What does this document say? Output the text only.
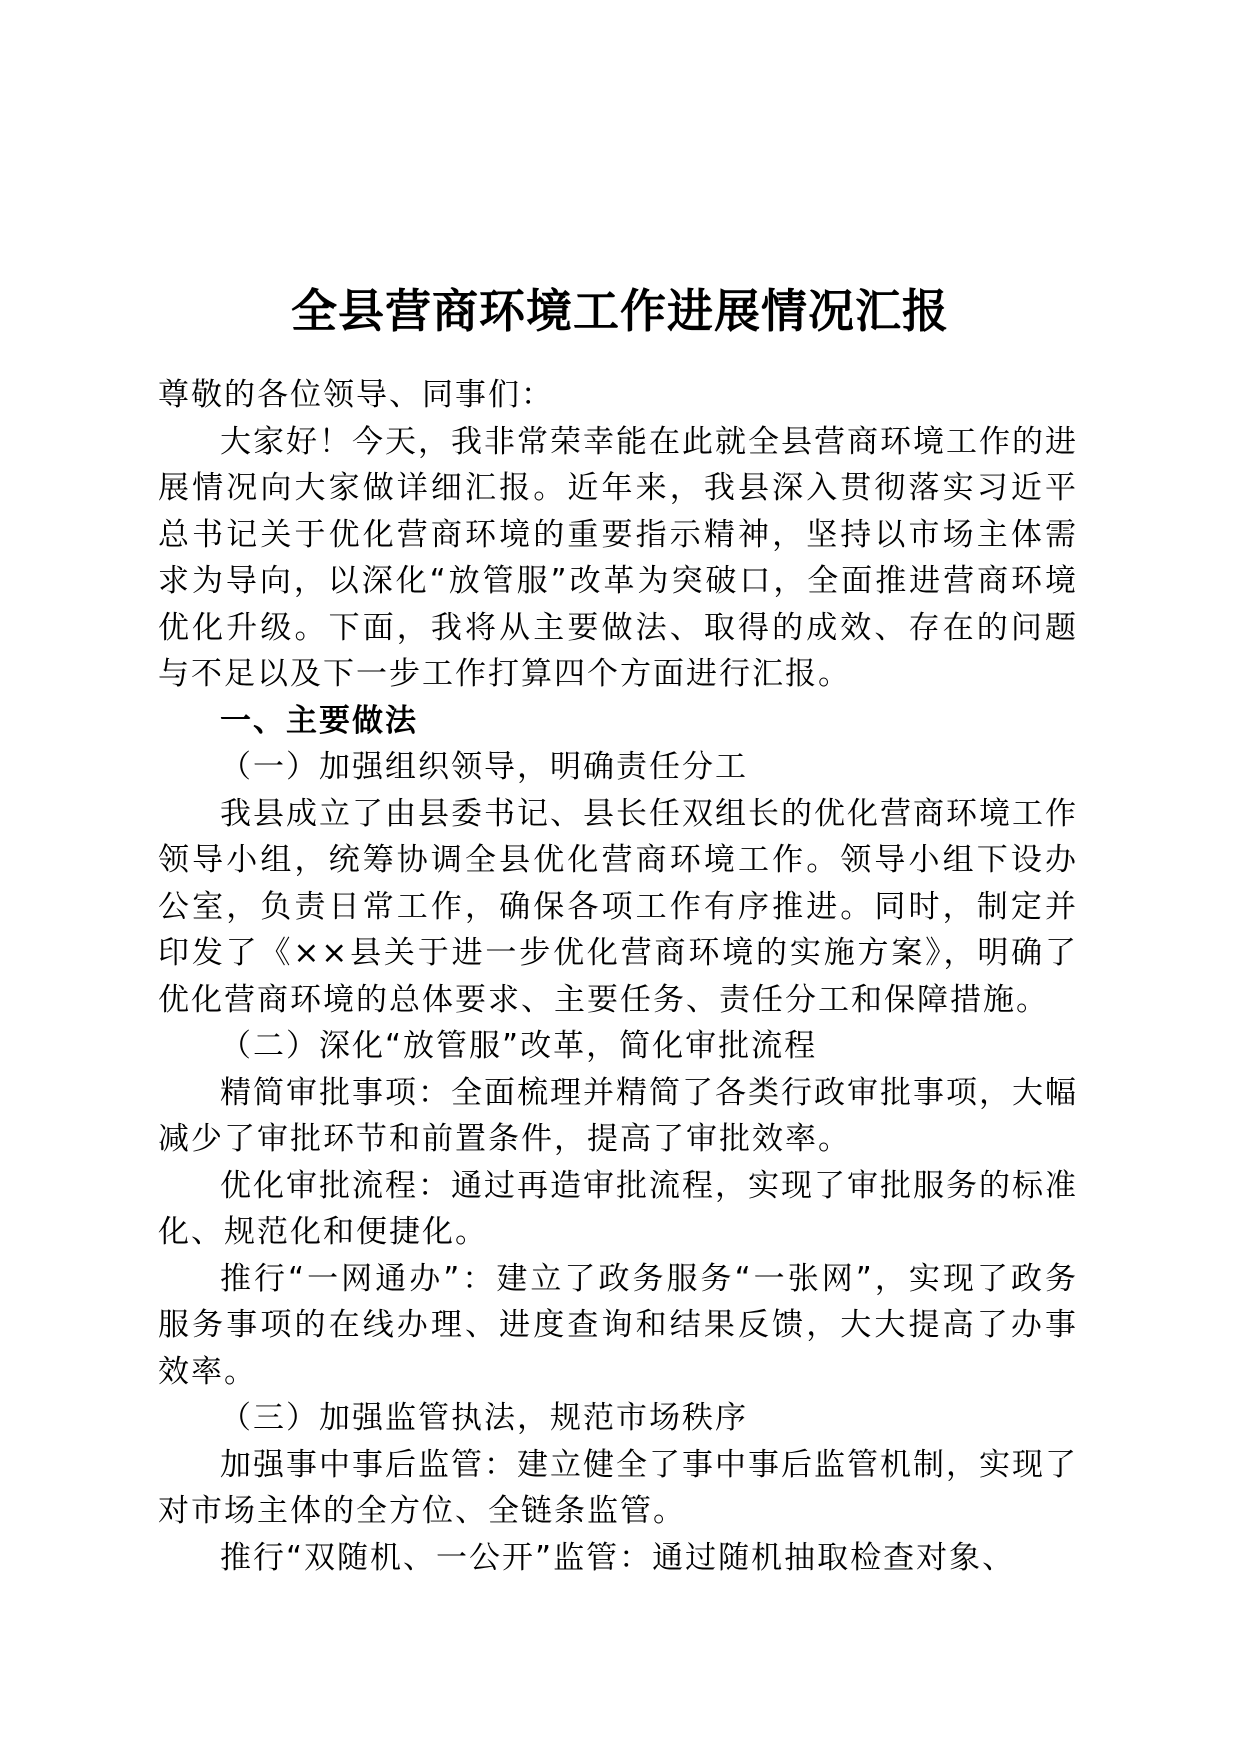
全县营商环境工作进展情况汇报

尊敬的各位领导、同事们：

大家好！今天，我非常荣幸能在此就全县营商环境工作的进展情况向大家做详细汇报。近年来，我县深入贯彻落实习近平总书记关于优化营商环境的重要指示精神，坚持以市场主体需求为导向，以深化“放管服”改革为突破口，全面推进营商环境优化升级。下面，我将从主要做法、取得的成效、存在的问题与不足以及下一步工作打算四个方面进行汇报。

一、主要做法

（一）加强组织领导，明确责任分工

我县成立了由县委书记、县长任双组长的优化营商环境工作领导小组，统筹协调全县优化营商环境工作。领导小组下设办公室，负责日常工作，确保各项工作有序推进。同时，制定并印发了《××县关于进一步优化营商环境的实施方案》，明确了优化营商环境的总体要求、主要任务、责任分工和保障措施。

（二）深化“放管服”改革，简化审批流程

精简审批事项：全面梳理并精简了各类行政审批事项，大幅减少了审批环节和前置条件，提高了审批效率。

优化审批流程：通过再造审批流程，实现了审批服务的标准化、规范化和便捷化。

推行“一网通办”：建立了政务服务“一张网”，实现了政务服务事项的在线办理、进度查询和结果反馈，大大提高了办事效率。

（三）加强监管执法，规范市场秩序

加强事中事后监管：建立健全了事中事后监管机制，实现了对市场主体的全方位、全链条监管。

推行“双随机、一公开”监管：通过随机抽取检查对象、
